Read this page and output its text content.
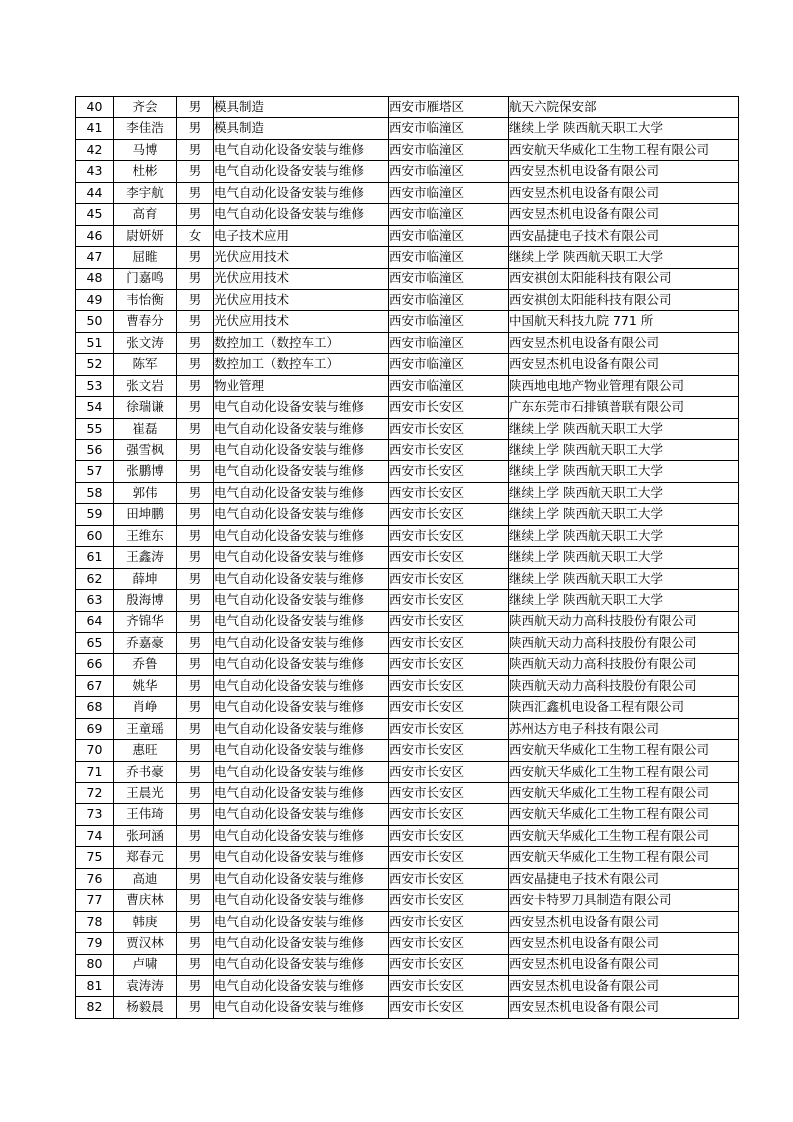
40	齐会	男	模具制造	西安市雁塔区	航天六院保安部
41	李佳浩	男	模具制造	西安市临潼区	继续上学 陕西航天职工大学
42	马博	男	电气自动化设备安装与维修	西安市临潼区	西安航天华威化工生物工程有限公司
43	杜彬	男	电气自动化设备安装与维修	西安市临潼区	西安昱杰机电设备有限公司
44	李宇航	男	电气自动化设备安装与维修	西安市临潼区	西安昱杰机电设备有限公司
45	高育	男	电气自动化设备安装与维修	西安市临潼区	西安昱杰机电设备有限公司
46	尉妍妍	女	电子技术应用	西安市临潼区	西安晶捷电子技术有限公司
47	屈睢	男	光伏应用技术	西安市临潼区	继续上学 陕西航天职工大学
48	门嘉鸣	男	光伏应用技术	西安市临潼区	西安祺创太阳能科技有限公司
49	韦怡衡	男	光伏应用技术	西安市临潼区	西安祺创太阳能科技有限公司
50	曹春分	男	光伏应用技术	西安市临潼区	中国航天科技九院 771 所
51	张文涛	男	数控加工（数控车工）	西安市临潼区	西安昱杰机电设备有限公司
52	陈军	男	数控加工（数控车工）	西安市临潼区	西安昱杰机电设备有限公司
53	张文岩	男	物业管理	西安市临潼区	陕西地电地产物业管理有限公司
54	徐瑞谦	男	电气自动化设备安装与维修	西安市长安区	广东东莞市石排镇普联有限公司
55	崔磊	男	电气自动化设备安装与维修	西安市长安区	继续上学 陕西航天职工大学
56	强雪枫	男	电气自动化设备安装与维修	西安市长安区	继续上学 陕西航天职工大学
57	张鹏博	男	电气自动化设备安装与维修	西安市长安区	继续上学 陕西航天职工大学
58	郭伟	男	电气自动化设备安装与维修	西安市长安区	继续上学 陕西航天职工大学
59	田坤鹏	男	电气自动化设备安装与维修	西安市长安区	继续上学 陕西航天职工大学
60	王维东	男	电气自动化设备安装与维修	西安市长安区	继续上学 陕西航天职工大学
61	王鑫涛	男	电气自动化设备安装与维修	西安市长安区	继续上学 陕西航天职工大学
62	薛坤	男	电气自动化设备安装与维修	西安市长安区	继续上学 陕西航天职工大学
63	殷海博	男	电气自动化设备安装与维修	西安市长安区	继续上学 陕西航天职工大学
64	齐锦华	男	电气自动化设备安装与维修	西安市长安区	陕西航天动力高科技股份有限公司
65	乔嘉豪	男	电气自动化设备安装与维修	西安市长安区	陕西航天动力高科技股份有限公司
66	乔鲁	男	电气自动化设备安装与维修	西安市长安区	陕西航天动力高科技股份有限公司
67	姚华	男	电气自动化设备安装与维修	西安市长安区	陕西航天动力高科技股份有限公司
68	肖峥	男	电气自动化设备安装与维修	西安市长安区	陕西汇鑫机电设备工程有限公司
69	王童瑶	男	电气自动化设备安装与维修	西安市长安区	苏州达方电子科技有限公司
70	惠旺	男	电气自动化设备安装与维修	西安市长安区	西安航天华威化工生物工程有限公司
71	乔书豪	男	电气自动化设备安装与维修	西安市长安区	西安航天华威化工生物工程有限公司
72	王晨光	男	电气自动化设备安装与维修	西安市长安区	西安航天华威化工生物工程有限公司
73	王伟琦	男	电气自动化设备安装与维修	西安市长安区	西安航天华威化工生物工程有限公司
74	张珂涵	男	电气自动化设备安装与维修	西安市长安区	西安航天华威化工生物工程有限公司
75	郑春元	男	电气自动化设备安装与维修	西安市长安区	西安航天华威化工生物工程有限公司
76	高迪	男	电气自动化设备安装与维修	西安市长安区	西安晶捷电子技术有限公司
77	曹庆林	男	电气自动化设备安装与维修	西安市长安区	西安卡特罗刀具制造有限公司
78	韩庚	男	电气自动化设备安装与维修	西安市长安区	西安昱杰机电设备有限公司
79	贾汉林	男	电气自动化设备安装与维修	西安市长安区	西安昱杰机电设备有限公司
80	卢啸	男	电气自动化设备安装与维修	西安市长安区	西安昱杰机电设备有限公司
81	袁涛涛	男	电气自动化设备安装与维修	西安市长安区	西安昱杰机电设备有限公司
82	杨毅晨	男	电气自动化设备安装与维修	西安市长安区	西安昱杰机电设备有限公司
